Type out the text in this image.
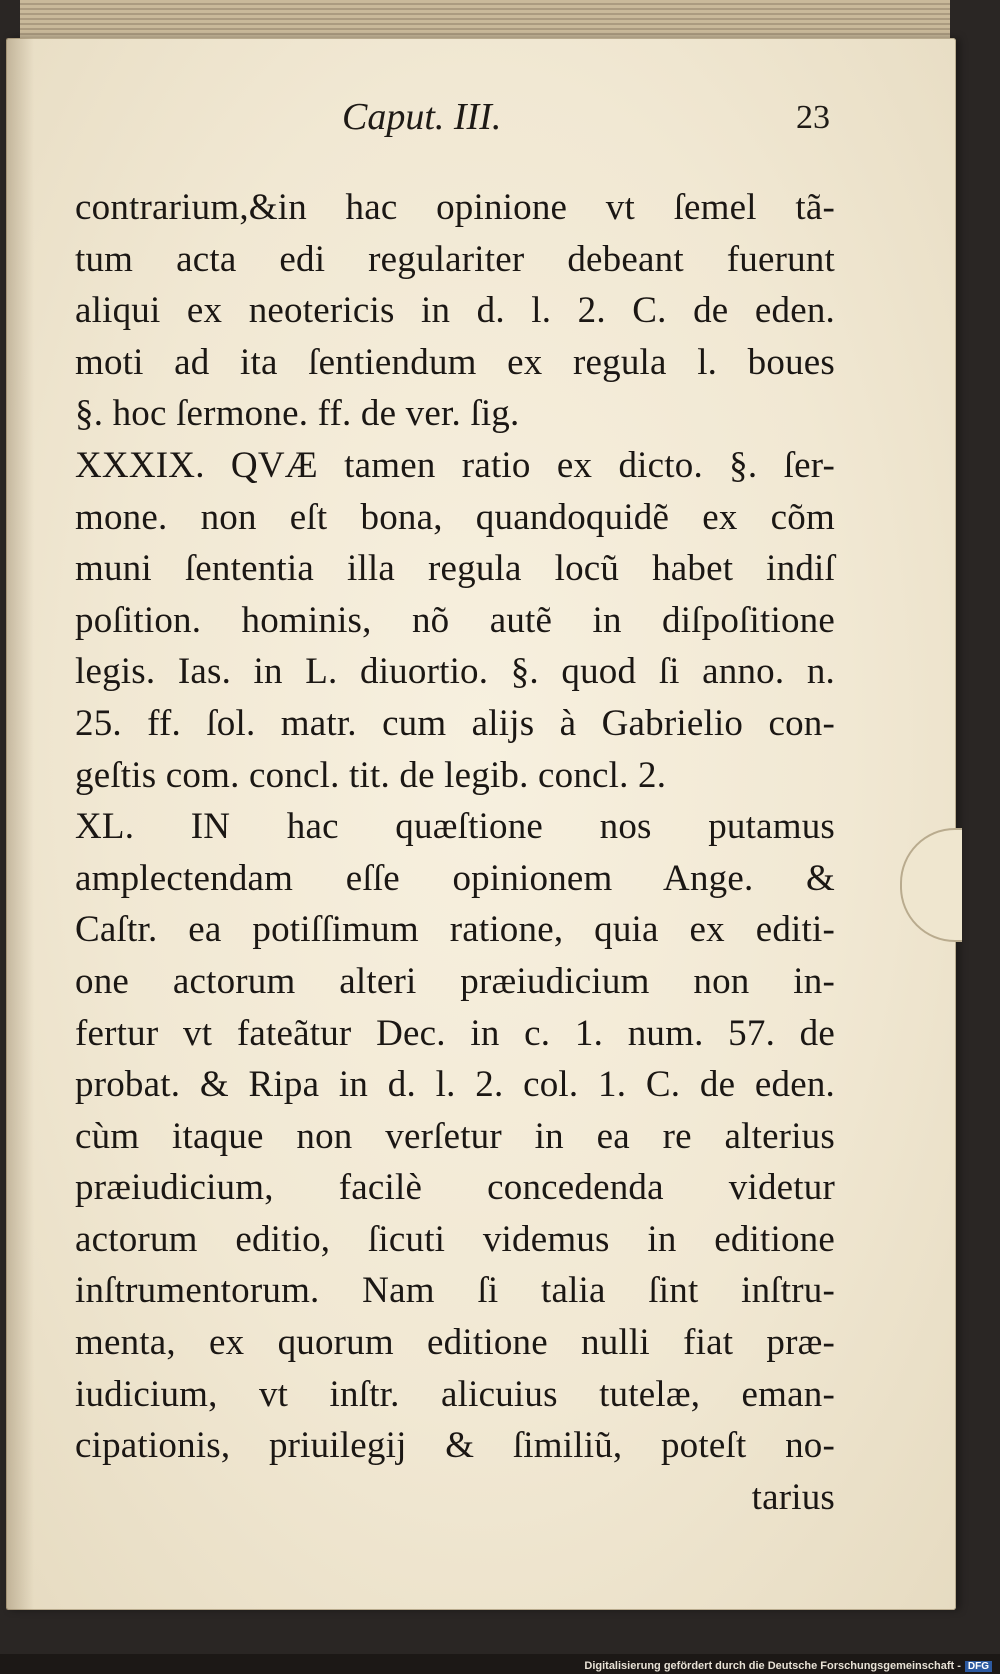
Caput. III.	23
contrarium,&in hac opinione vt ſemel tã-
tum acta edi regulariter debeant fuerunt
aliqui ex neotericis in d. l. 2. C. de eden.
moti ad ita ſentiendum ex regula l. boues
§. hoc ſermone. ff. de ver. ſig.
XXXIX. QVÆ tamen ratio ex dicto. §. ſer-
mone. non eſt bona, quandoquidẽ ex cõm
muni ſententia illa regula locũ habet indiſ
poſition. hominis, nõ autẽ in diſpoſitione
legis. Ias. in L. diuortio. §. quod ſi anno. n.
25. ff. ſol. matr. cum alijs à Gabrielio con-
geſtis com. concl. tit. de legib. concl. 2.
XL. IN hac quæſtione nos putamus
amplectendam eſſe opinionem Ange. &
Caſtr. ea potiſſimum ratione, quia ex editi-
one actorum alteri præiudicium non in-
fertur vt fateãtur Dec. in c. 1. num. 57. de
probat. & Ripa in d. l. 2. col. 1. C. de eden.
cùm itaque non verſetur in ea re alterius
præiudicium, facilè concedenda videtur
actorum editio, ſicuti videmus in editione
inſtrumentorum. Nam ſi talia ſint inſtru-
menta, ex quorum editione nulli fiat præ-
iudicium, vt inſtr. alicuius tutelæ, eman-
cipationis, priuilegij & ſimiliũ, poteſt no-
tarius
Digitalisierung gefördert durch die Deutsche Forschungsgemeinschaft - DFG
